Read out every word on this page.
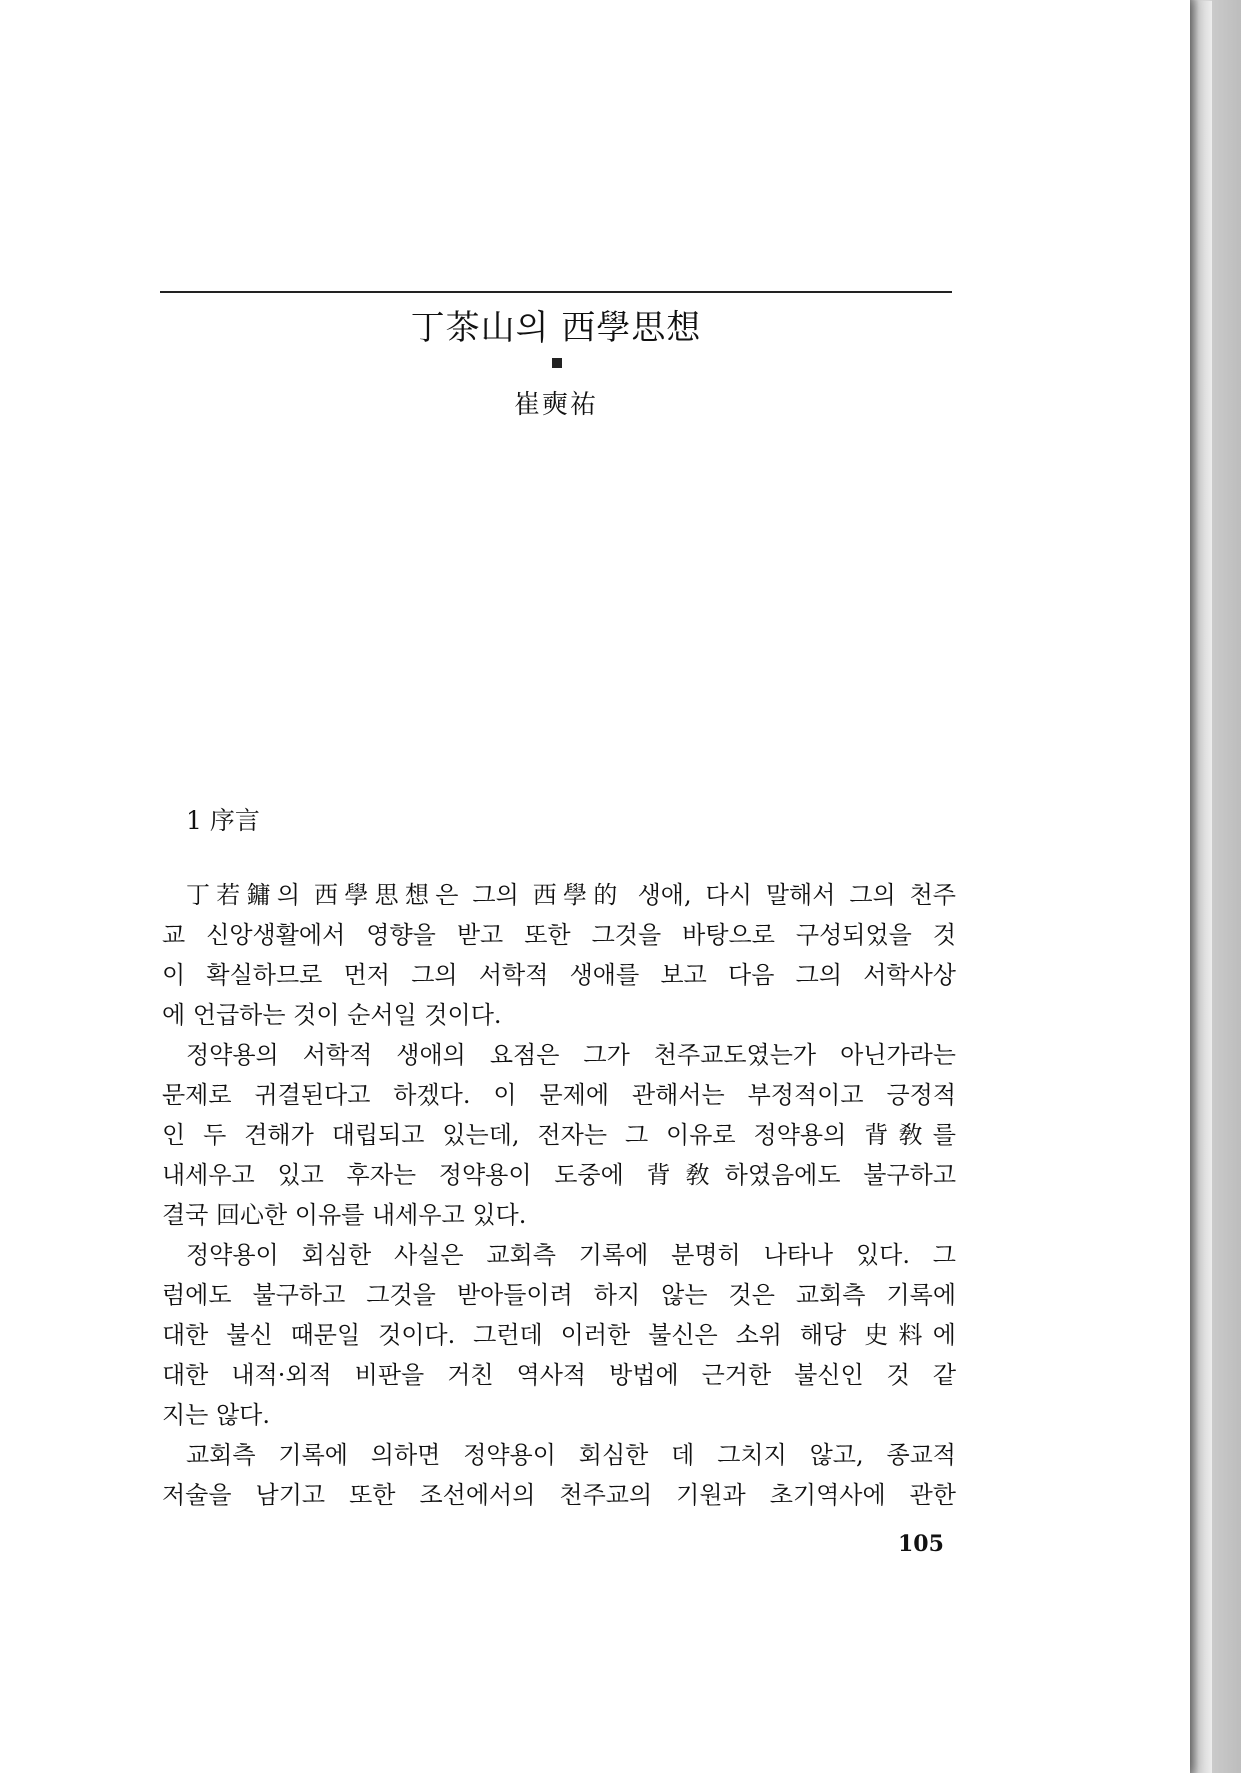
丁茶山의 西學思想
崔奭祐
1 序言
丁若鏞의 西學思想은 그의 西學的 생애, 다시 말해서 그의 천주
교 신앙생활에서 영향을 받고 또한 그것을 바탕으로 구성되었을 것
이 확실하므로 먼저 그의 서학적 생애를 보고 다음 그의 서학사상
에 언급하는 것이 순서일 것이다.
정약용의 서학적 생애의 요점은 그가 천주교도였는가 아닌가라는
문제로 귀결된다고 하겠다. 이 문제에 관해서는 부정적이고 긍정적
인 두 견해가 대립되고 있는데, 전자는 그 이유로 정약용의 背敎를
내세우고 있고 후자는 정약용이 도중에 背敎하였음에도 불구하고
결국 回心한 이유를 내세우고 있다.
정약용이 회심한 사실은 교회측 기록에 분명히 나타나 있다. 그
럼에도 불구하고 그것을 받아들이려 하지 않는 것은 교회측 기록에
대한 불신 때문일 것이다. 그런데 이러한 불신은 소위 해당 史料에
대한 내적·외적 비판을 거친 역사적 방법에 근거한 불신인 것 같
지는 않다.
교회측 기록에 의하면 정약용이 회심한 데 그치지 않고, 종교적
저술을 남기고 또한 조선에서의 천주교의 기원과 초기역사에 관한
105
